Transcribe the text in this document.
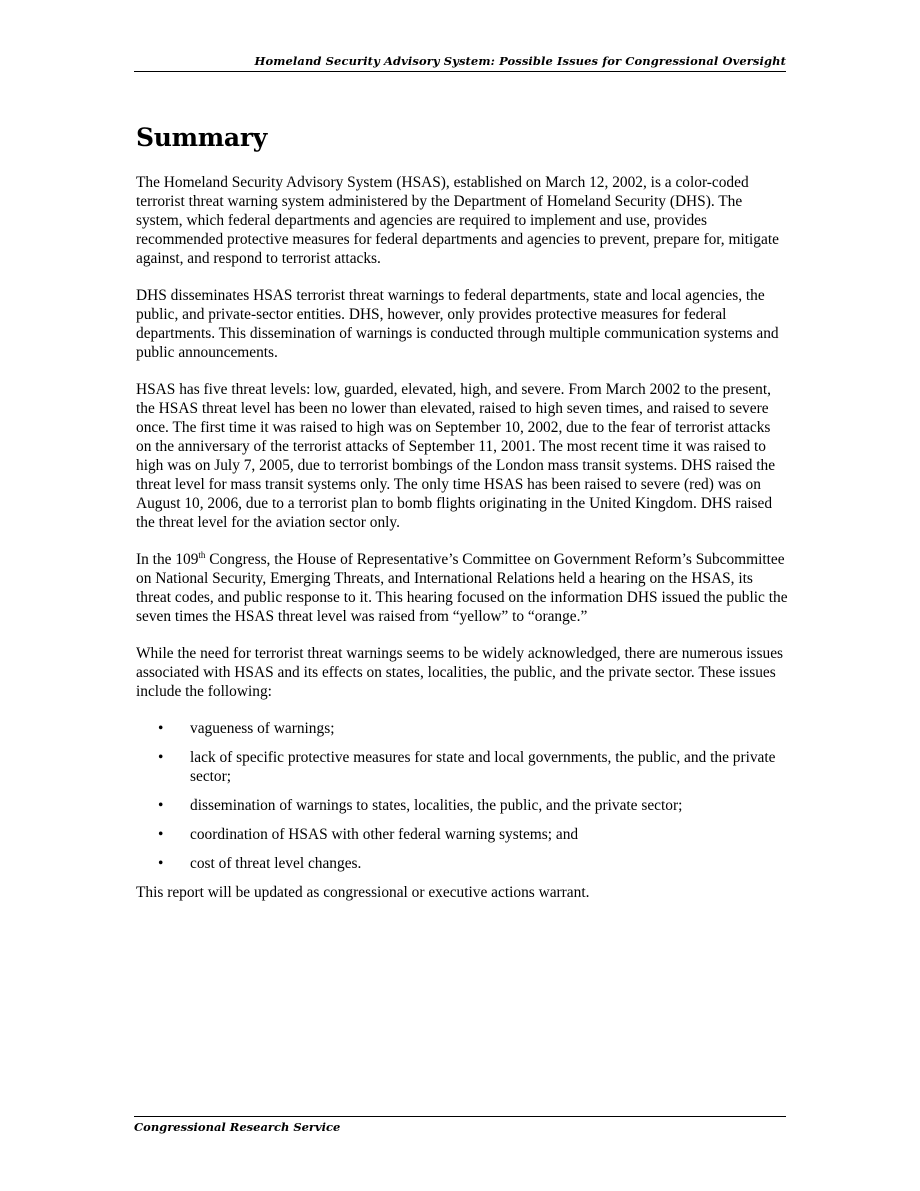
Homeland Security Advisory System: Possible Issues for Congressional Oversight
Summary

The Homeland Security Advisory System (HSAS), established on March 12, 2002, is a color-coded terrorist threat warning system administered by the Department of Homeland Security (DHS). The system, which federal departments and agencies are required to implement and use, provides recommended protective measures for federal departments and agencies to prevent, prepare for, mitigate against, and respond to terrorist attacks.

DHS disseminates HSAS terrorist threat warnings to federal departments, state and local agencies, the public, and private-sector entities. DHS, however, only provides protective measures for federal departments. This dissemination of warnings is conducted through multiple communication systems and public announcements.

HSAS has five threat levels: low, guarded, elevated, high, and severe. From March 2002 to the present, the HSAS threat level has been no lower than elevated, raised to high seven times, and raised to severe once. The first time it was raised to high was on September 10, 2002, due to the fear of terrorist attacks on the anniversary of the terrorist attacks of September 11, 2001. The most recent time it was raised to high was on July 7, 2005, due to terrorist bombings of the London mass transit systems. DHS raised the threat level for mass transit systems only. The only time HSAS has been raised to severe (red) was on August 10, 2006, due to a terrorist plan to bomb flights originating in the United Kingdom. DHS raised the threat level for the aviation sector only.

In the 109th Congress, the House of Representative’s Committee on Government Reform’s Subcommittee on National Security, Emerging Threats, and International Relations held a hearing on the HSAS, its threat codes, and public response to it. This hearing focused on the information DHS issued the public the seven times the HSAS threat level was raised from “yellow” to “orange.”

While the need for terrorist threat warnings seems to be widely acknowledged, there are numerous issues associated with HSAS and its effects on states, localities, the public, and the private sector. These issues include the following:

• vagueness of warnings;
• lack of specific protective measures for state and local governments, the public, and the private sector;
• dissemination of warnings to states, localities, the public, and the private sector;
• coordination of HSAS with other federal warning systems; and
• cost of threat level changes.

This report will be updated as congressional or executive actions warrant.

Congressional Research Service
